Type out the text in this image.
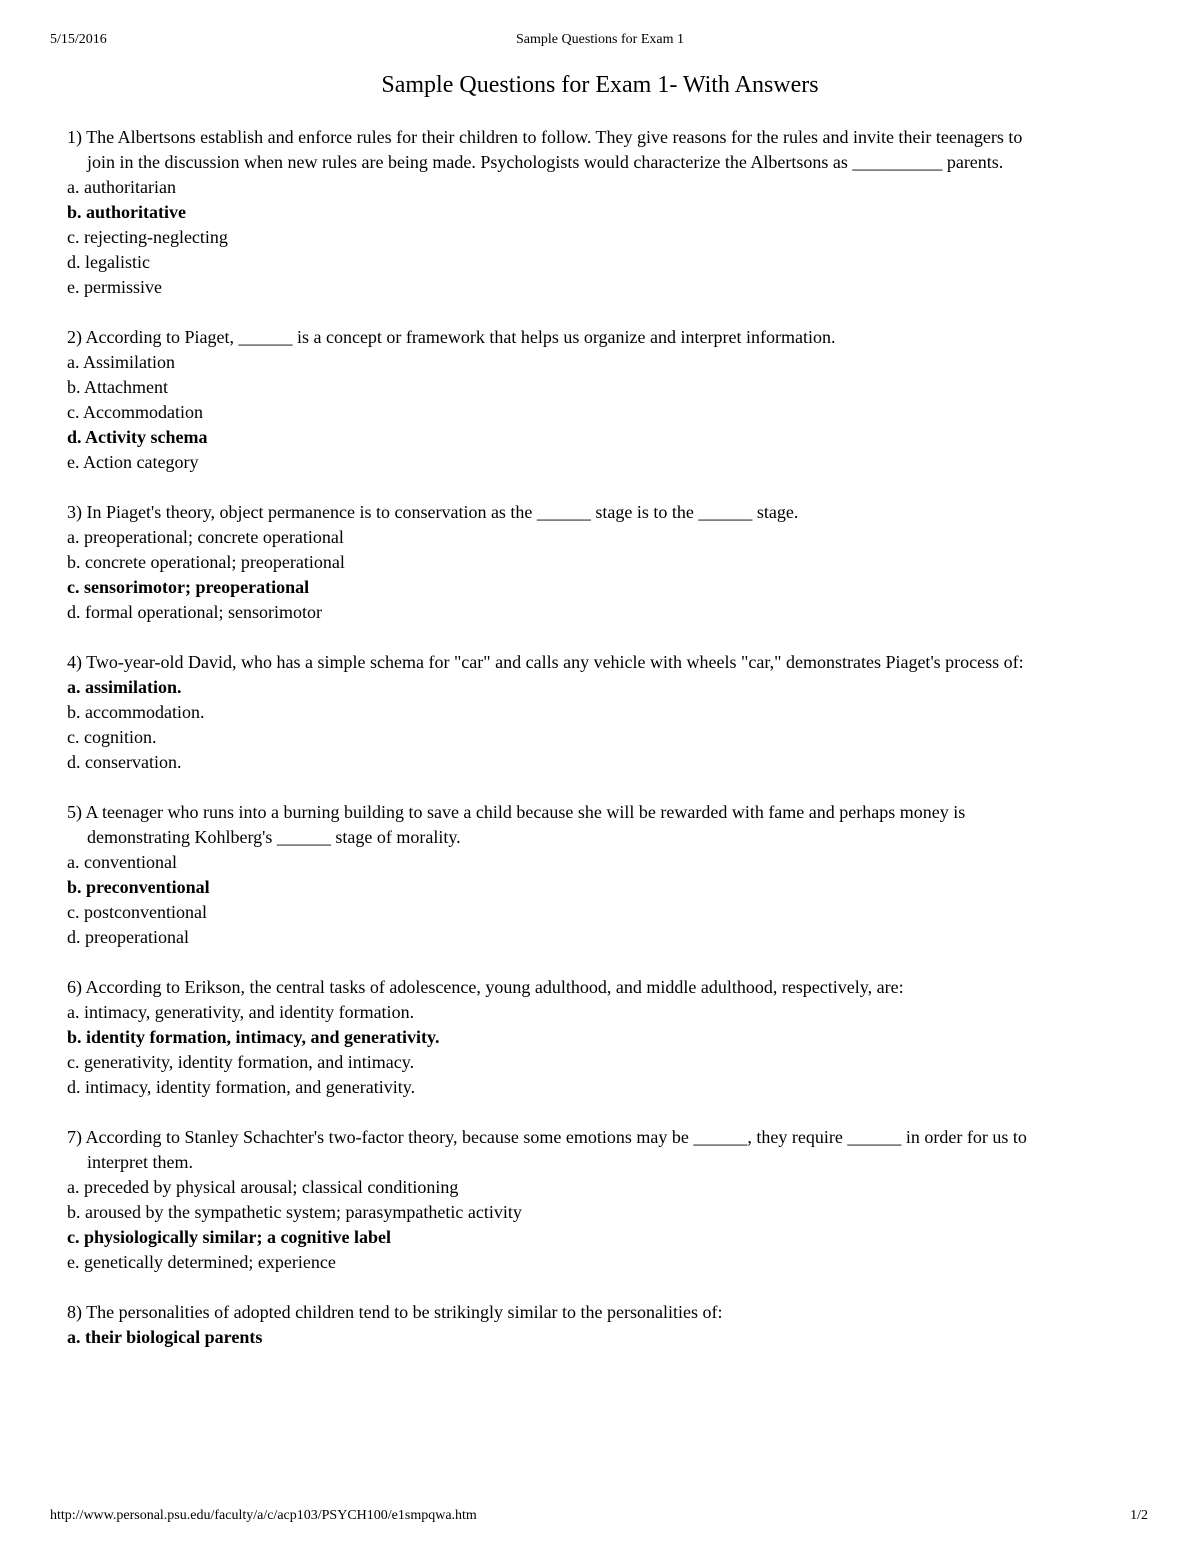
5/15/2016	Sample Questions for Exam 1
Sample Questions for Exam 1- With Answers
1) The Albertsons establish and enforce rules for their children to follow. They give reasons for the rules and invite their teenagers to
join in the discussion when new rules are being made. Psychologists would characterize the Albertsons as __________ parents.
a. authoritarian
b. authoritative
c. rejecting-neglecting
d. legalistic
e. permissive
2) According to Piaget, ______ is a concept or framework that helps us organize and interpret information.
a. Assimilation
b. Attachment
c. Accommodation
d. Activity schema
e. Action category
3) In Piaget's theory, object permanence is to conservation as the ______ stage is to the ______ stage.
a. preoperational; concrete operational
b. concrete operational; preoperational
c. sensorimotor; preoperational
d. formal operational; sensorimotor
4) Two-year-old David, who has a simple schema for "car" and calls any vehicle with wheels "car," demonstrates Piaget's process of:
a. assimilation.
b. accommodation.
c. cognition.
d. conservation.
5) A teenager who runs into a burning building to save a child because she will be rewarded with fame and perhaps money is
demonstrating Kohlberg's ______ stage of morality.
a. conventional
b. preconventional
c. postconventional
d. preoperational
6) According to Erikson, the central tasks of adolescence, young adulthood, and middle adulthood, respectively, are:
a. intimacy, generativity, and identity formation.
b. identity formation, intimacy, and generativity.
c. generativity, identity formation, and intimacy.
d. intimacy, identity formation, and generativity.
7) According to Stanley Schachter's two-factor theory, because some emotions may be ______, they require ______ in order for us to
interpret them.
a. preceded by physical arousal; classical conditioning
b. aroused by the sympathetic system; parasympathetic activity
c. physiologically similar; a cognitive label
e. genetically determined; experience
8) The personalities of adopted children tend to be strikingly similar to the personalities of:
a. their biological parents
http://www.personal.psu.edu/faculty/a/c/acp103/PSYCH100/e1smpqwa.htm	1/2
